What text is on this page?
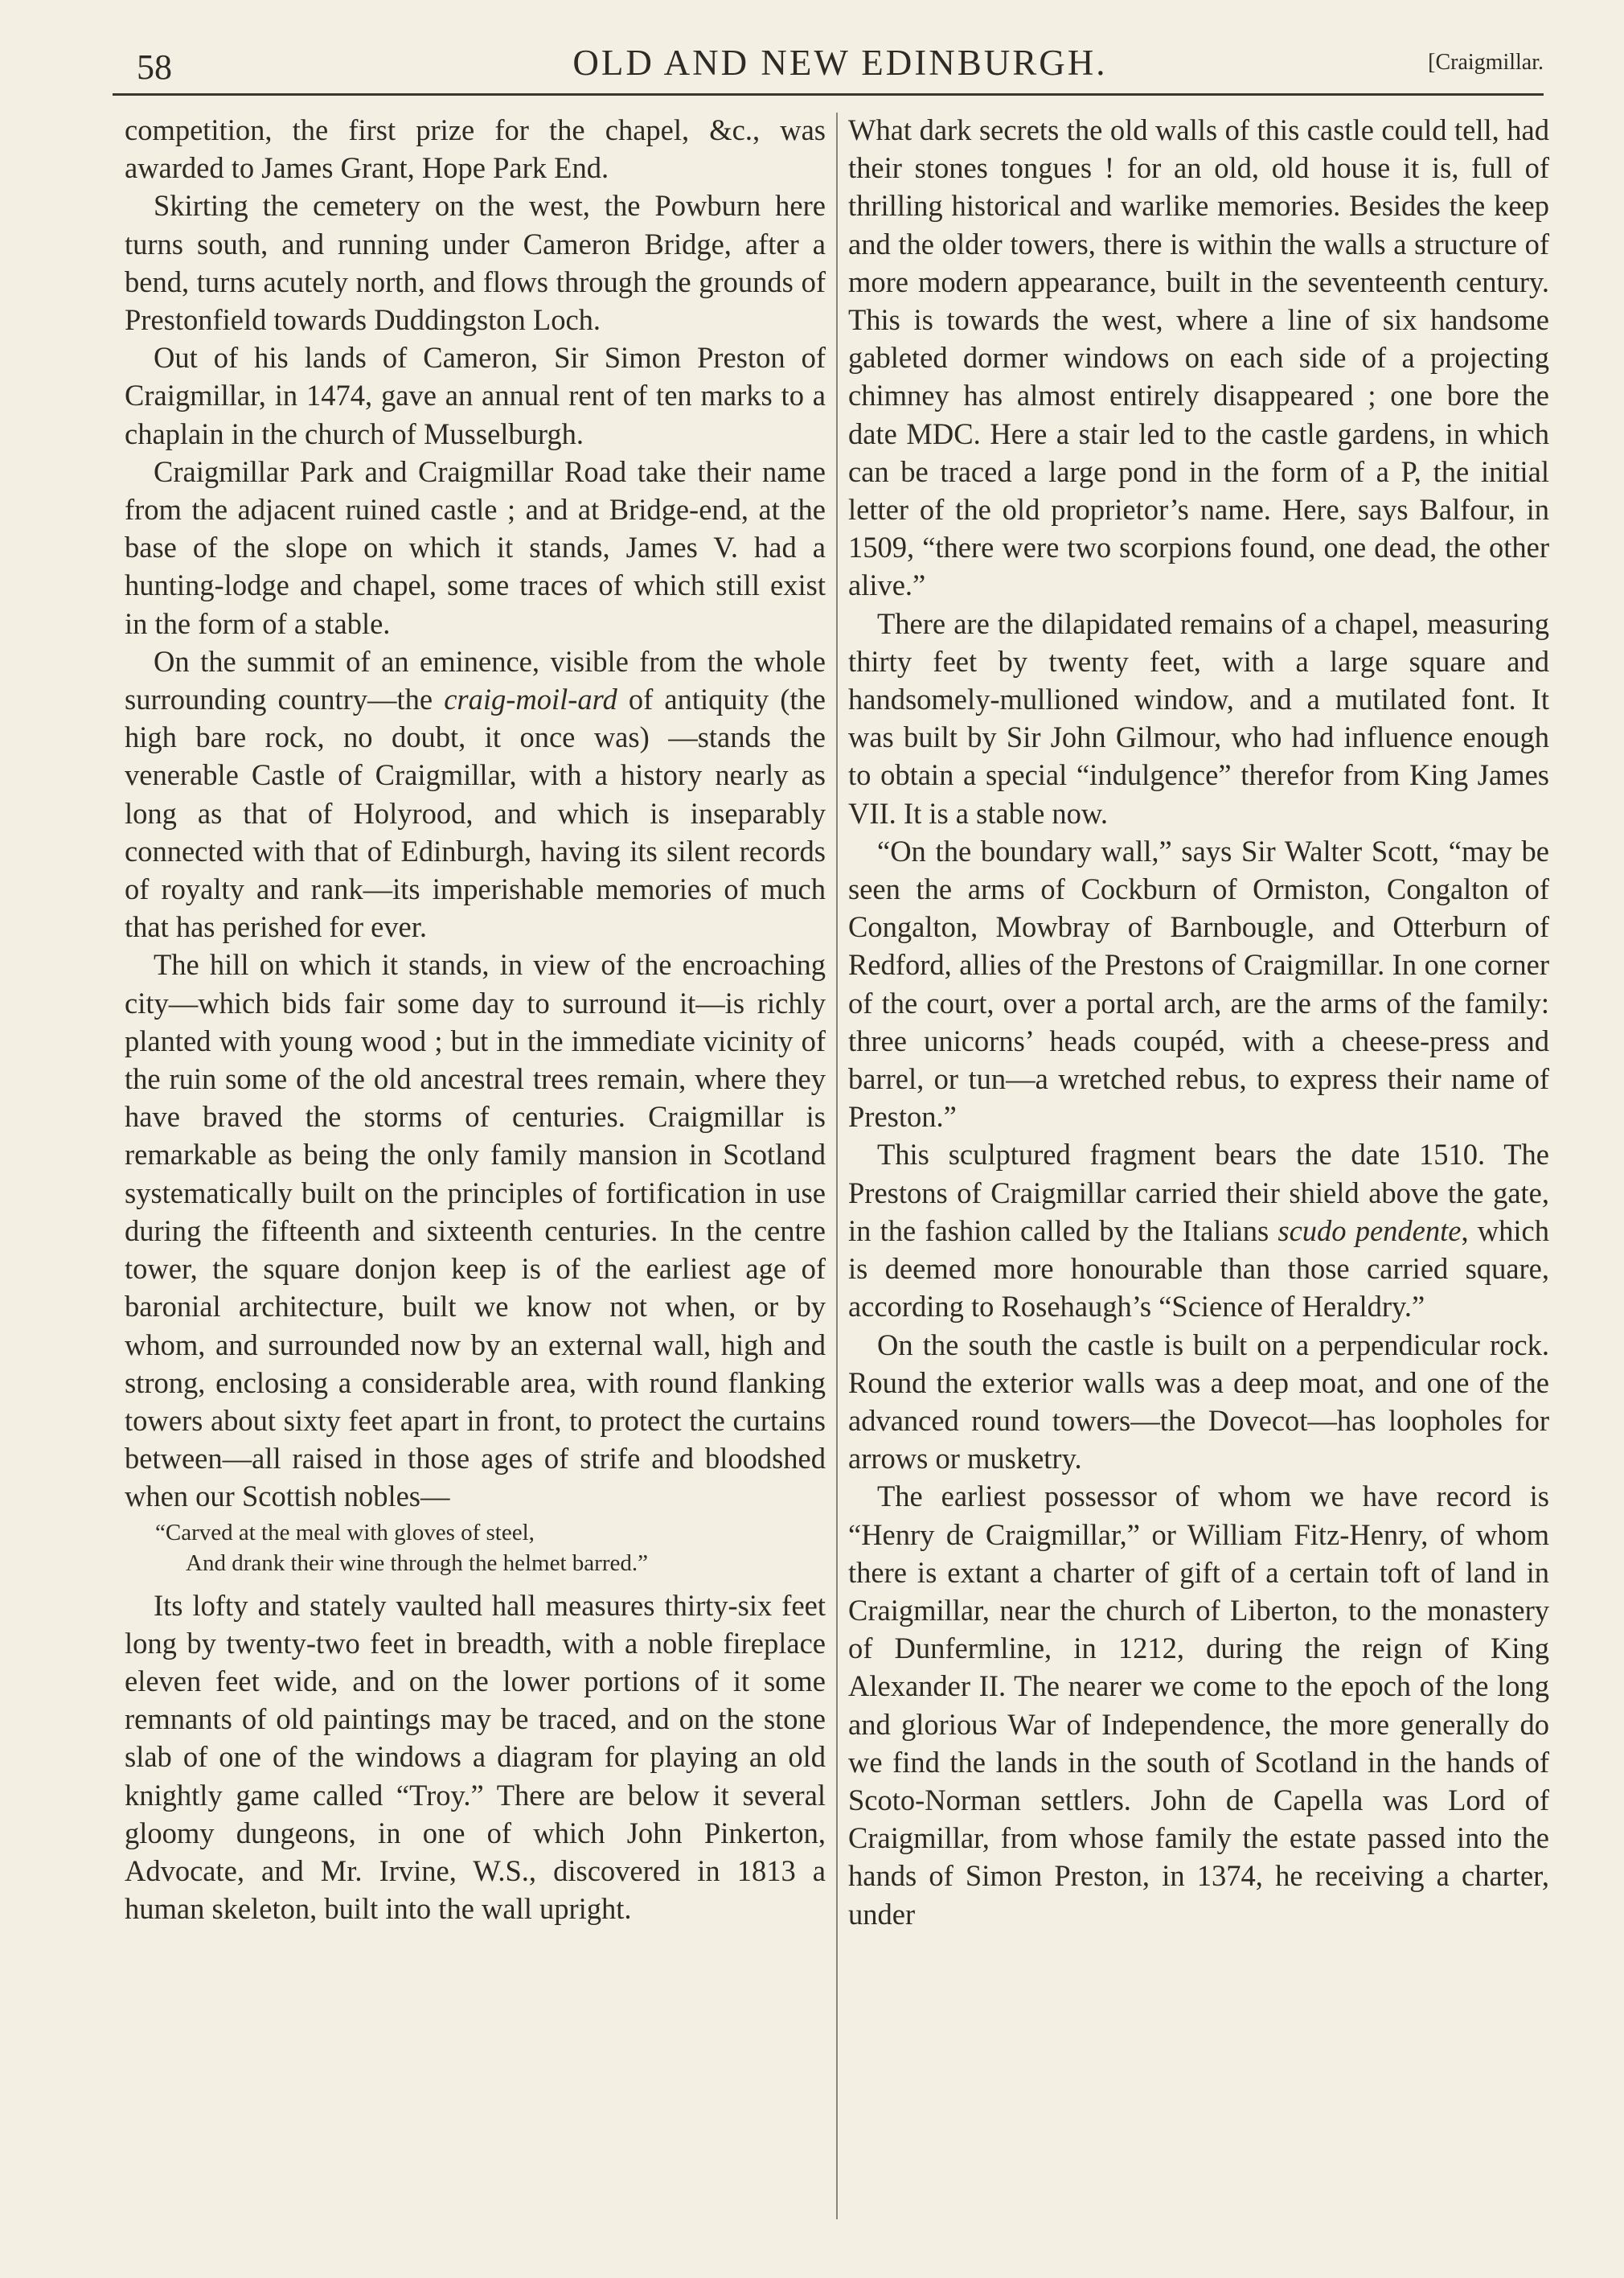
58	OLD AND NEW EDINBURGH.	[Craigmillar.

competition, the first prize for the chapel, &c., was awarded to James Grant, Hope Park End.

Skirting the cemetery on the west, the Powburn here turns south, and running under Cameron Bridge, after a bend, turns acutely north, and flows through the grounds of Prestonfield towards Duddingston Loch.

Out of his lands of Cameron, Sir Simon Preston of Craigmillar, in 1474, gave an annual rent of ten marks to a chaplain in the church of Musselburgh.

Craigmillar Park and Craigmillar Road take their name from the adjacent ruined castle ; and at Bridge-end, at the base of the slope on which it stands, James V. had a hunting-lodge and chapel, some traces of which still exist in the form of a stable.

On the summit of an eminence, visible from the whole surrounding country—the craig-moil-ard of antiquity (the high bare rock, no doubt, it once was) —stands the venerable Castle of Craigmillar, with a history nearly as long as that of Holyrood, and which is inseparably connected with that of Edinburgh, having its silent records of royalty and rank—its imperishable memories of much that has perished for ever.

The hill on which it stands, in view of the encroaching city—which bids fair some day to surround it—is richly planted with young wood ; but in the immediate vicinity of the ruin some of the old ancestral trees remain, where they have braved the storms of centuries. Craigmillar is remarkable as being the only family mansion in Scotland systematically built on the principles of fortification in use during the fifteenth and sixteenth centuries. In the centre tower, the square donjon keep is of the earliest age of baronial architecture, built we know not when, or by whom, and surrounded now by an external wall, high and strong, enclosing a considerable area, with round flanking towers about sixty feet apart in front, to protect the curtains between—all raised in those ages of strife and bloodshed when our Scottish nobles—

“Carved at the meal with gloves of steel,
And drank their wine through the helmet barred.”

Its lofty and stately vaulted hall measures thirty-six feet long by twenty-two feet in breadth, with a noble fireplace eleven feet wide, and on the lower portions of it some remnants of old paintings may be traced, and on the stone slab of one of the windows a diagram for playing an old knightly game called “Troy.” There are below it several gloomy dungeons, in one of which John Pinkerton, Advocate, and Mr. Irvine, W.S., discovered in 1813 a human skeleton, built into the wall upright.

What dark secrets the old walls of this castle could tell, had their stones tongues ! for an old, old house it is, full of thrilling historical and warlike memories. Besides the keep and the older towers, there is within the walls a structure of more modern appearance, built in the seventeenth century. This is towards the west, where a line of six handsome gableted dormer windows on each side of a projecting chimney has almost entirely disappeared ; one bore the date MDC. Here a stair led to the castle gardens, in which can be traced a large pond in the form of a P, the initial letter of the old proprietor’s name. Here, says Balfour, in 1509, “there were two scorpions found, one dead, the other alive.”

There are the dilapidated remains of a chapel, measuring thirty feet by twenty feet, with a large square and handsomely-mullioned window, and a mutilated font. It was built by Sir John Gilmour, who had influence enough to obtain a special “indulgence” therefor from King James VII. It is a stable now.

“On the boundary wall,” says Sir Walter Scott, “may be seen the arms of Cockburn of Ormiston, Congalton of Congalton, Mowbray of Barnbougle, and Otterburn of Redford, allies of the Prestons of Craigmillar. In one corner of the court, over a portal arch, are the arms of the family: three unicorns’ heads coupéd, with a cheese-press and barrel, or tun—a wretched rebus, to express their name of Preston.”

This sculptured fragment bears the date 1510. The Prestons of Craigmillar carried their shield above the gate, in the fashion called by the Italians scudo pendente, which is deemed more honourable than those carried square, according to Rosehaugh’s “Science of Heraldry.”

On the south the castle is built on a perpendicular rock. Round the exterior walls was a deep moat, and one of the advanced round towers—the Dovecot—has loopholes for arrows or musketry.

The earliest possessor of whom we have record is “Henry de Craigmillar,” or William Fitz-Henry, of whom there is extant a charter of gift of a certain toft of land in Craigmillar, near the church of Liberton, to the monastery of Dunfermline, in 1212, during the reign of King Alexander II. The nearer we come to the epoch of the long and glorious War of Independence, the more generally do we find the lands in the south of Scotland in the hands of Scoto-Norman settlers. John de Capella was Lord of Craigmillar, from whose family the estate passed into the hands of Simon Preston, in 1374, he receiving a charter, under
